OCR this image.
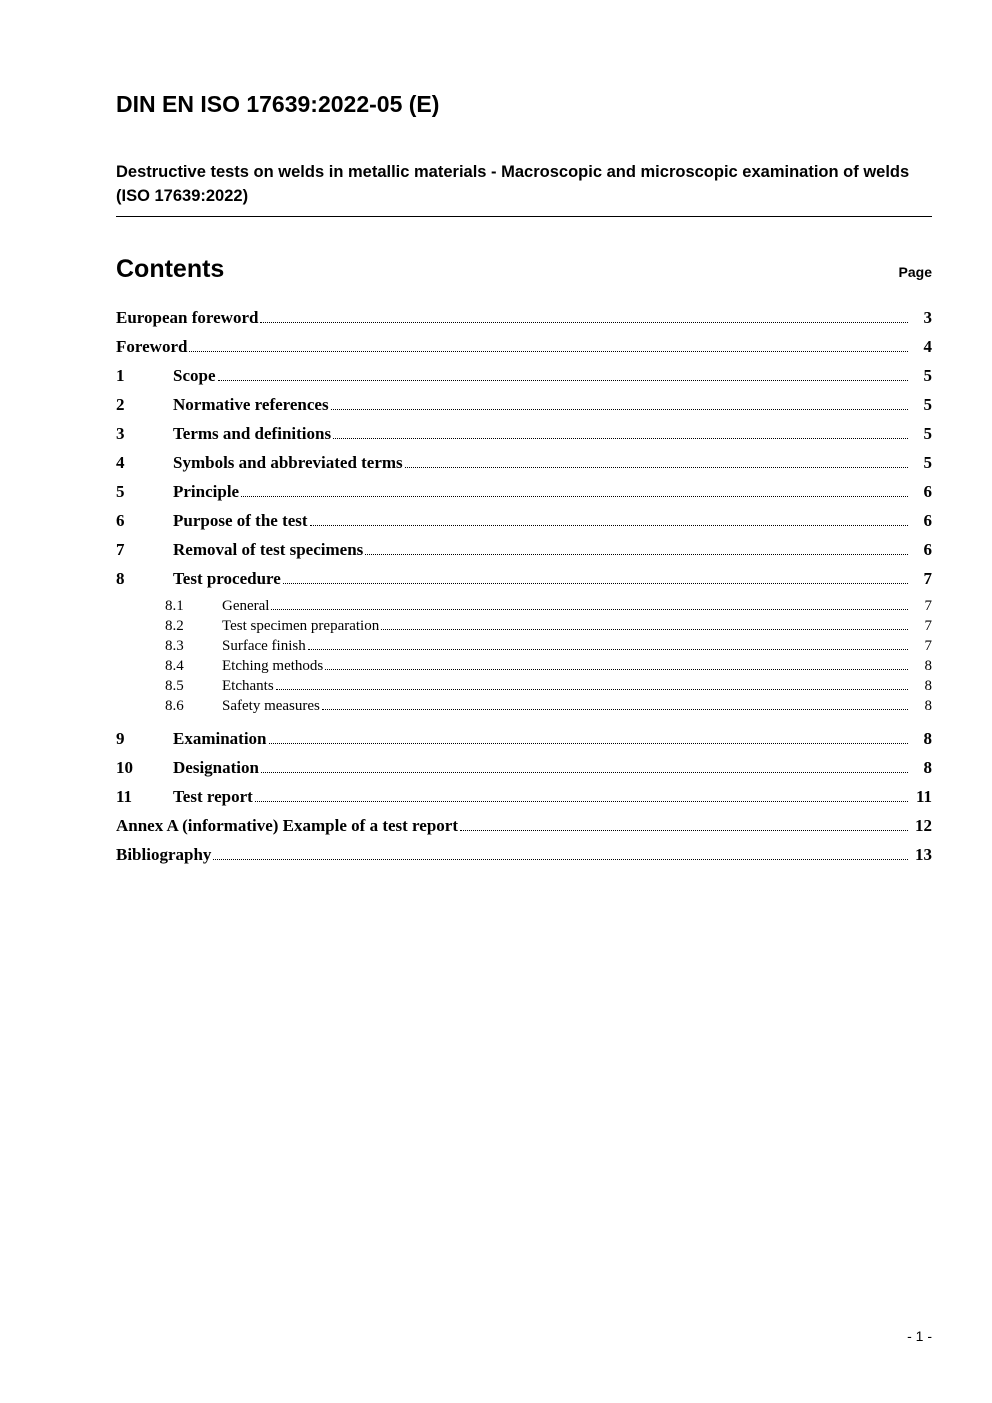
DIN EN ISO 17639:2022-05 (E)
Destructive tests on welds in metallic materials - Macroscopic and microscopic examination of welds (ISO 17639:2022)
Contents	Page
European foreword	3
Foreword	4
1	Scope	5
2	Normative references	5
3	Terms and definitions	5
4	Symbols and abbreviated terms	5
5	Principle	6
6	Purpose of the test	6
7	Removal of test specimens	6
8	Test procedure	7
8.1	General	7
8.2	Test specimen preparation	7
8.3	Surface finish	7
8.4	Etching methods	8
8.5	Etchants	8
8.6	Safety measures	8
9	Examination	8
10	Designation	8
11	Test report	11
Annex A (informative) Example of a test report	12
Bibliography	13
- 1 -
